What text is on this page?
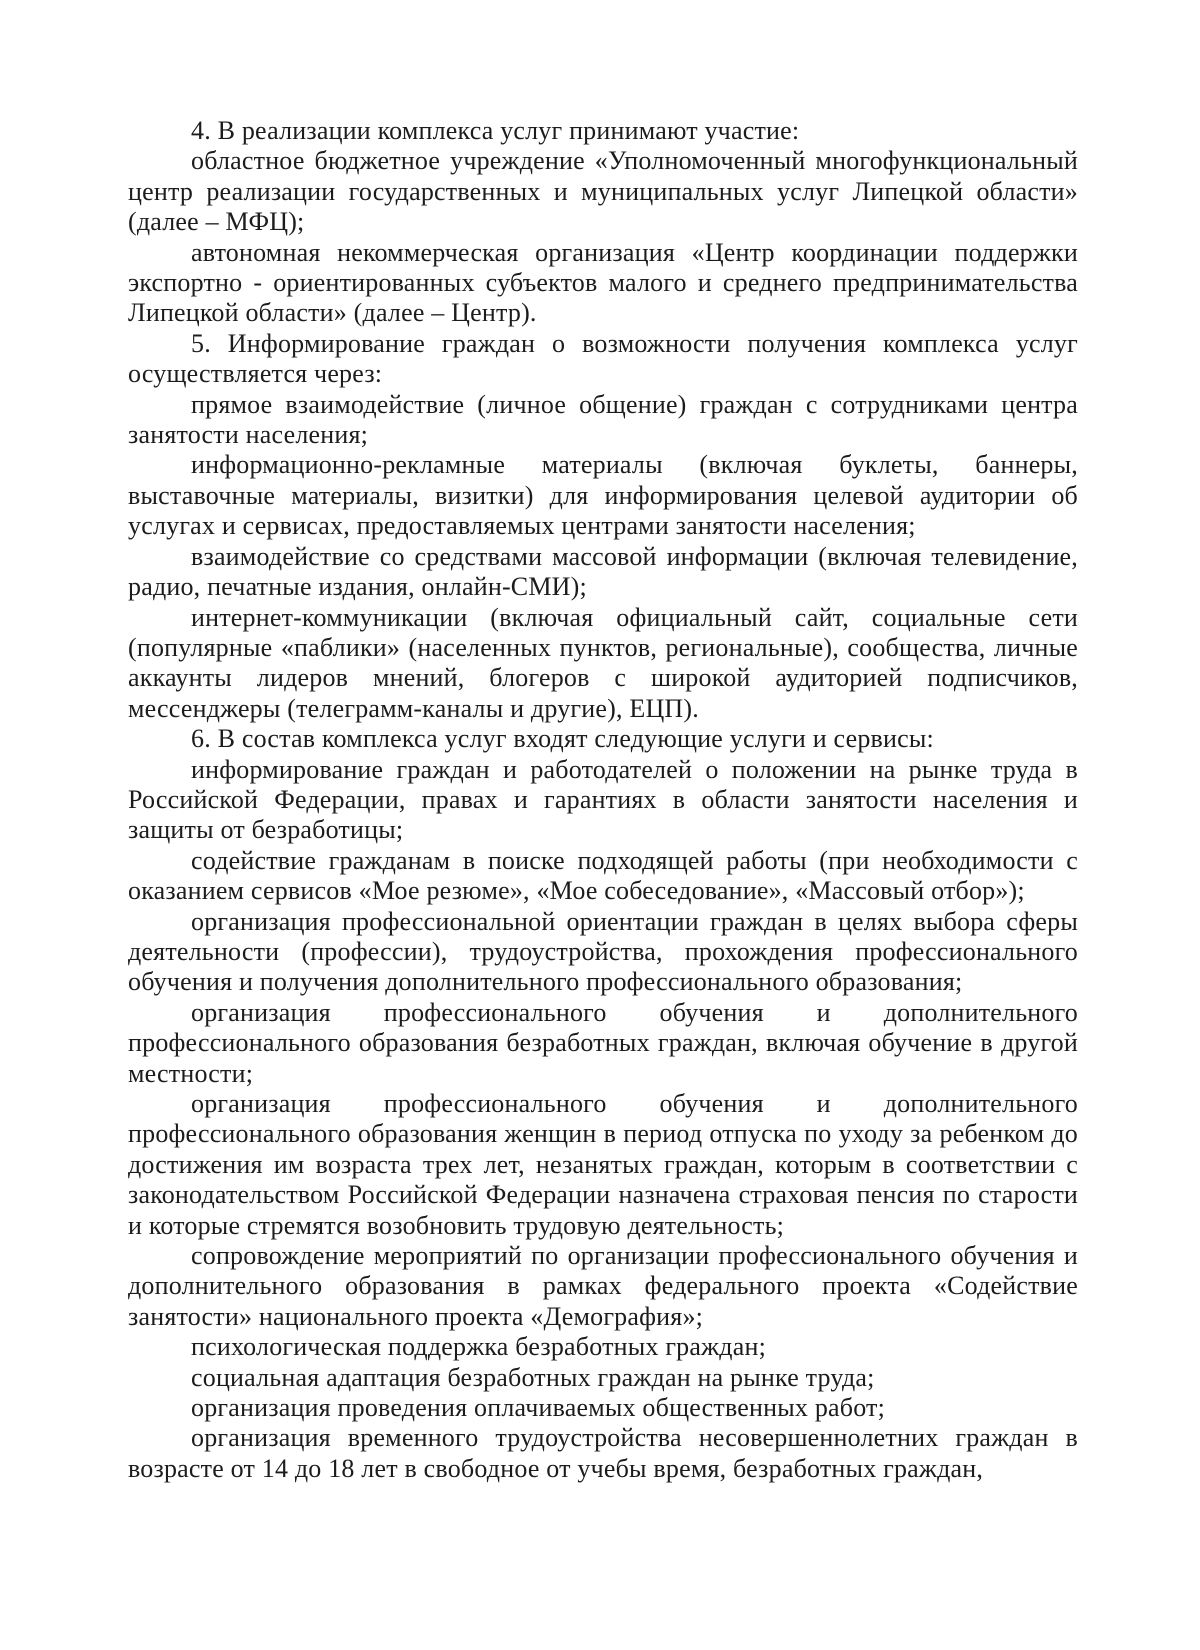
4. В реализации комплекса услуг принимают участие:

областное бюджетное учреждение «Уполномоченный многофункциональный центр реализации государственных и муниципальных услуг Липецкой области» (далее – МФЦ);

автономная некоммерческая организация «Центр координации поддержки экспортно - ориентированных субъектов малого и среднего предпринимательства Липецкой области» (далее – Центр).

5. Информирование граждан о возможности получения комплекса услуг осуществляется через:

прямое взаимодействие (личное общение) граждан с сотрудниками центра занятости населения;

информационно-рекламные материалы (включая буклеты, баннеры, выставочные материалы, визитки) для информирования целевой аудитории об услугах и сервисах, предоставляемых центрами занятости населения;

взаимодействие со средствами массовой информации (включая телевидение, радио, печатные издания, онлайн-СМИ);

интернет-коммуникации (включая официальный сайт, социальные сети (популярные «паблики» (населенных пунктов, региональные), сообщества, личные аккаунты лидеров мнений, блогеров с широкой аудиторией подписчиков, мессенджеры (телеграмм-каналы и другие), ЕЦП).

6. В состав комплекса услуг входят следующие услуги и сервисы:

информирование граждан и работодателей о положении на рынке труда в Российской Федерации, правах и гарантиях в области занятости населения и защиты от безработицы;

содействие гражданам в поиске подходящей работы (при необходимости с оказанием сервисов «Мое резюме», «Мое собеседование», «Массовый отбор»);

организация профессиональной ориентации граждан в целях выбора сферы деятельности (профессии), трудоустройства, прохождения профессионального обучения и получения дополнительного профессионального образования;

организация профессионального обучения и дополнительного профессионального образования безработных граждан, включая обучение в другой местности;

организация профессионального обучения и дополнительного профессионального образования женщин в период отпуска по уходу за ребенком до достижения им возраста трех лет, незанятых граждан, которым в соответствии с законодательством Российской Федерации назначена страховая пенсия по старости и которые стремятся возобновить трудовую деятельность;

сопровождение мероприятий по организации профессионального обучения и дополнительного образования в рамках федерального проекта «Содействие занятости» национального проекта «Демография»;

психологическая поддержка безработных граждан;

социальная адаптация безработных граждан на рынке труда;

организация проведения оплачиваемых общественных работ;

организация временного трудоустройства несовершеннолетних граждан в возрасте от 14 до 18 лет в свободное от учебы время, безработных граждан,
